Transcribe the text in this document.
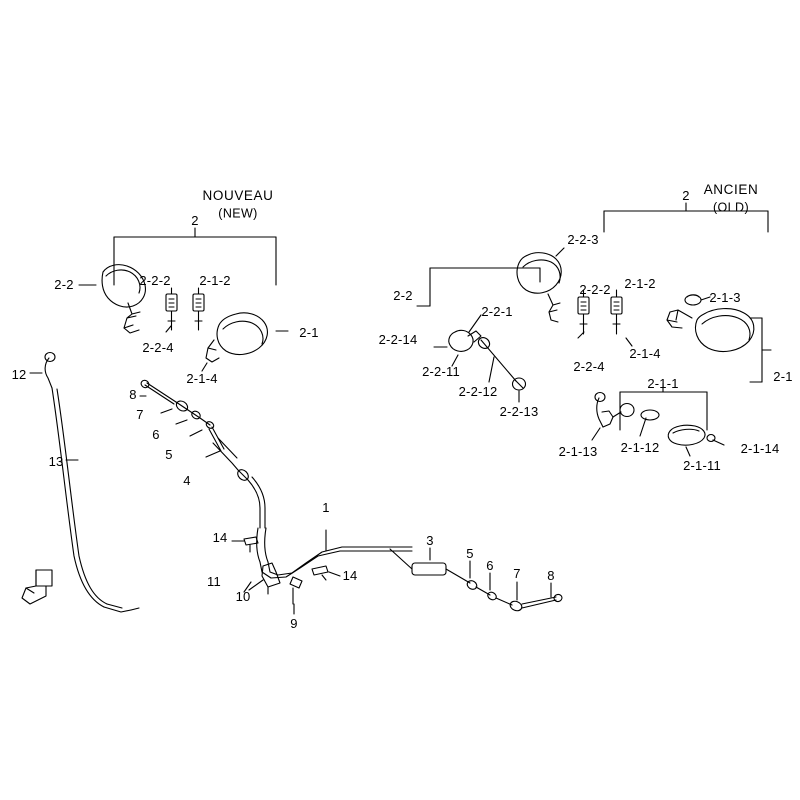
NOUVEAU
(NEW)
ANCIEN
(OLD)
2
2-2	2-2-2 2-1-2
2-2-4
2-1
2-1-4
2
2-2
2-2-3
2-2-2 2-1-2
2-1-3
2-2-1
2-2-14
2-2-11
2-2-12
2-2-13
2-2-4
2-1-4
2-1
2-1-1
2-1-13 2-1-12
2-1-11
2-1-14
12
13
8
7
6
5
4
1
14
11
10
9
14
3
5
6
7 8
